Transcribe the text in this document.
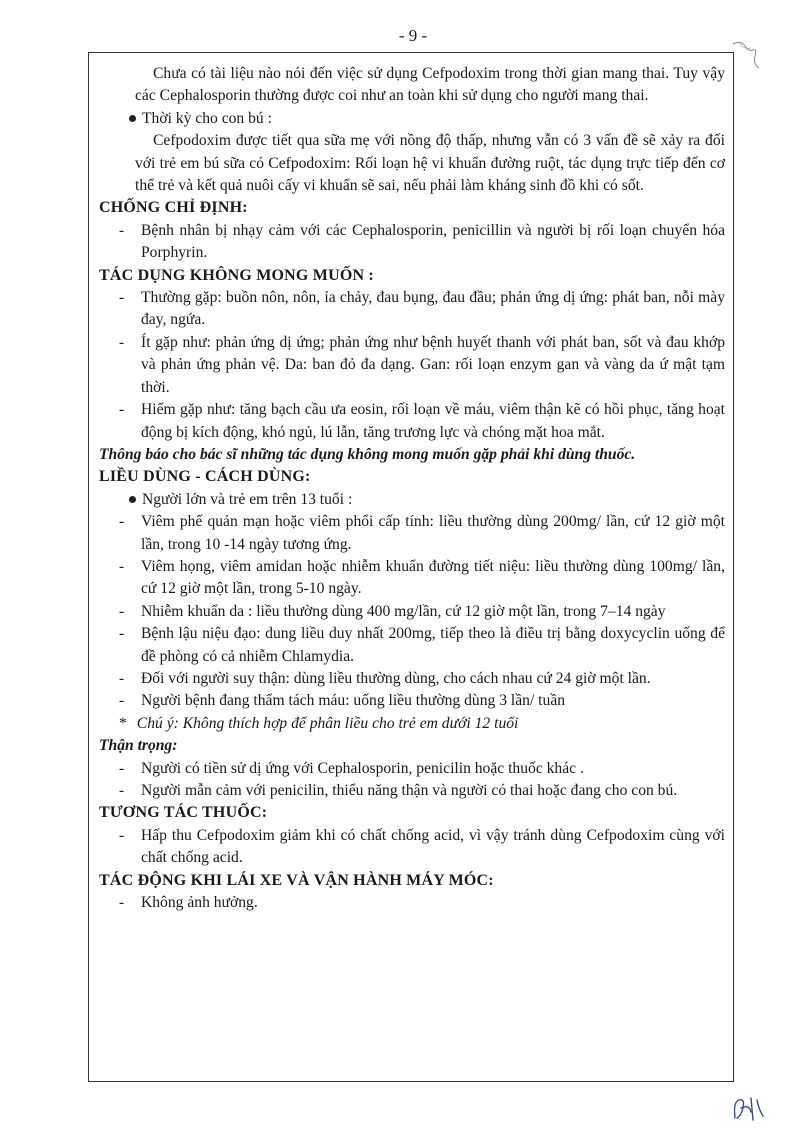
- 9 -

Chưa có tài liệu nào nói đến việc sử dụng Cefpodoxim trong thời gian mang thai. Tuy vậy các Cephalosporin thường được coi như an toàn khi sử dụng cho người mang thai.

Thời kỳ cho con bú :

Cefpodoxim được tiết qua sữa mẹ với nồng độ thấp, nhưng vẫn có 3 vấn đề sẽ xảy ra đối với trẻ em bú sữa có Cefpodoxim: Rối loạn hệ vi khuẩn đường ruột, tác dụng trực tiếp đến cơ thể trẻ và kết quả nuôi cấy vi khuẩn sẽ sai, nếu phải làm kháng sinh đồ khi có sốt.

CHỐNG CHỈ ĐỊNH:

- Bệnh nhân bị nhạy cảm với các Cephalosporin, penicillin và người bị rối loạn chuyển hóa Porphyrin.

TÁC DỤNG KHÔNG MONG MUỐN :

- Thường gặp: buồn nôn, nôn, ỉa chảy, đau bụng, đau đầu; phản ứng dị ứng: phát ban, nỗi mày đay, ngứa.

- Ít gặp như: phản ứng dị ứng; phản ứng như bệnh huyết thanh với phát ban, sốt và đau khớp và phản ứng phản vệ. Da: ban đỏ đa dạng. Gan: rối loạn enzym gan và vàng da ứ mật tạm thời.

- Hiếm gặp như: tăng bạch cầu ưa eosin, rối loạn về máu, viêm thận kẽ có hồi phục, tăng hoạt động bị kích động, khó ngủ, lú lẫn, tăng trương lực và chóng mặt hoa mắt.

Thông báo cho bác sĩ những tác dụng không mong muốn gặp phải khi dùng thuốc.

LIỀU DÙNG - CÁCH DÙNG:

Người lớn và trẻ em trên 13 tuổi :

- Viêm phế quản mạn hoặc viêm phổi cấp tính: liều thường dùng 200mg/ lần, cứ 12 giờ một lần, trong 10 -14 ngày tương ứng.

- Viêm họng, viêm amidan hoặc nhiễm khuẩn đường tiết niệu: liều thường dùng 100mg/ lần, cứ 12 giờ một lần, trong 5-10 ngày.

- Nhiễm khuẩn da : liều thường dùng 400 mg/lần, cứ 12 giờ một lần, trong 7–14 ngày

- Bệnh lậu niệu đạo: dung liều duy nhất 200mg, tiếp theo là điều trị bằng doxycyclin uống để đề phòng có cả nhiễm Chlamydia.

- Đối với người suy thận: dùng liều thường dùng, cho cách nhau cứ 24 giờ một lần.

- Người bệnh đang thẩm tách máu: uống liều thường dùng 3 lần/ tuần

* Chú ý: Không thích hợp để phân liều cho trẻ em dưới 12 tuổi

Thận trọng:

- Người có tiền sử dị ứng với Cephalosporin, penicilin hoặc thuốc khác .

- Người mẫn cảm với penicilin, thiểu năng thận và người có thai hoặc đang cho con bú.

TƯƠNG TÁC THUỐC:

- Hấp thu Cefpodoxim giảm khi có chất chống acid, vì vậy tránh dùng Cefpodoxim cùng với chất chống acid.

TÁC ĐỘNG KHI LÁI XE VÀ VẬN HÀNH MÁY MÓC:

- Không ảnh hưởng.
